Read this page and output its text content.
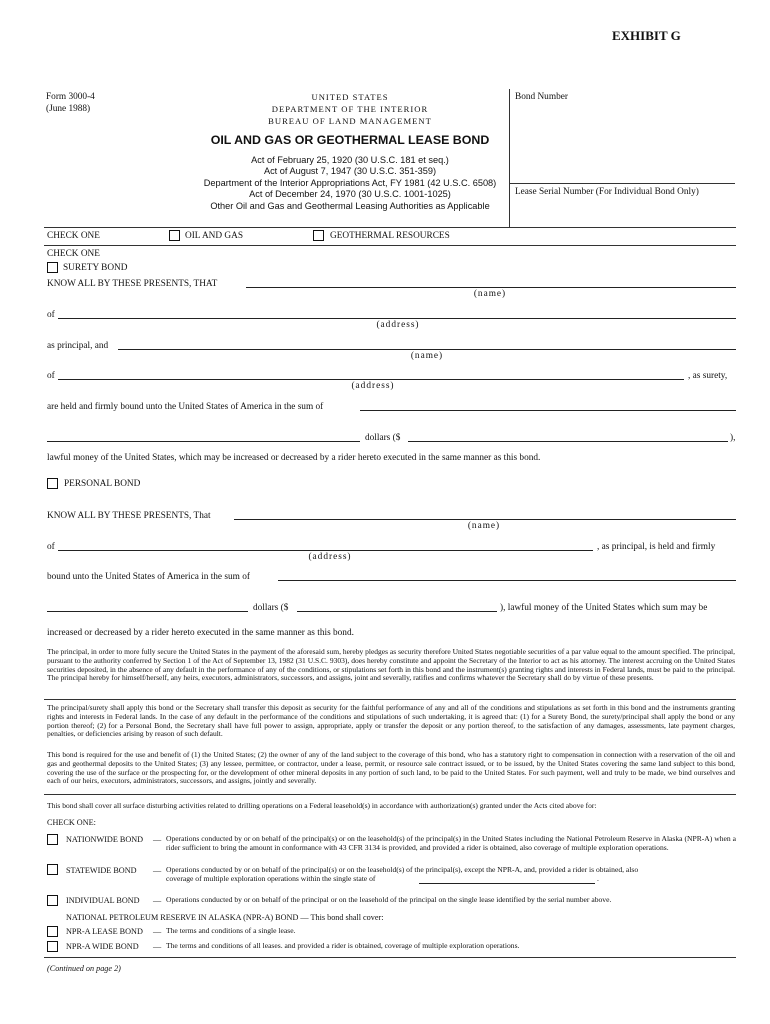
EXHIBIT G
Form 3000-4
(June 1988)
UNITED STATES
DEPARTMENT OF THE INTERIOR
BUREAU OF LAND MANAGEMENT
OIL AND GAS OR GEOTHERMAL LEASE BOND
Act of February 25, 1920 (30 U.S.C. 181 et seq.)
Act of August 7, 1947 (30 U.S.C. 351-359)
Department of the Interior Appropriations Act, FY 1981 (42 U.S.C. 6508)
Act of December 24, 1970 (30 U.S.C. 1001-1025)
Other Oil and Gas and Geothermal Leasing Authorities as Applicable
Bond Number
Lease Serial Number (For Individual Bond Only)
CHECK ONE	OIL AND GAS	GEOTHERMAL RESOURCES
CHECK ONE
SURETY BOND
KNOW ALL BY THESE PRESENTS, THAT
(name)
of
(address)
as principal, and
(name)
of	, as surety,
(address)
are held and firmly bound unto the United States of America in the sum of
dollars ($	),
lawful money of the United States, which may be increased or decreased by a rider hereto executed in the same manner as this bond.
PERSONAL BOND
KNOW ALL BY THESE PRESENTS, That
(name)
of	, as principal, is held and firmly
(address)
bound unto the United States of America in the sum of
dollars ($	), lawful money of the United States which sum may be
increased or decreased by a rider hereto executed in the same manner as this bond.
The principal, in order to more fully secure the United States in the payment of the aforesaid sum, hereby pledges as security therefore United States negotiable securities of a par value equal to the amount specified. The principal, pursuant to the authority conferred by Section 1 of the Act of September 13, 1982 (31 U.S.C. 9303), does hereby constitute and appoint the Secretary of the Interior to act as his attorney. The interest accruing on the United States securities deposited, in the absence of any default in the performance of any of the conditions, or stipulations set forth in this bond and the instrument(s) granting rights and interests in Federal lands, must be paid to the principal. The principal hereby for himself/herself, any heirs, executors, administrators, successors, and assigns, joint and severally, ratifies and confirms whatever the Secretary shall do by virtue of these presents.
The principal/surety shall apply this bond or the Secretary shall transfer this deposit as security for the faithful performance of any and all of the conditions and stipulations as set forth in this bond and the instruments granting rights and interests in Federal lands. In the case of any default in the performance of the conditions and stipulations of such undertaking, it is agreed that: (1) for a Surety Bond, the surety/principal shall apply the bond or any portion thereof; (2) for a Personal Bond, the Secretary shall have full power to assign, appropriate, apply or transfer the deposit or any portion thereof, to the satisfaction of any damages, assessments, late payment charges, penalties, or deficiencies arising by reason of such default.
This bond is required for the use and benefit of (1) the United States; (2) the owner of any of the land subject to the coverage of this bond, who has a statutory right to compensation in connection with a reservation of the oil and gas and geothermal deposits to the United States; (3) any lessee, permittee, or contractor, under a lease, permit, or resource sale contract issued, or to be issued, by the United States covering the same land subject to this bond, covering the use of the surface or the prospecting for, or the development of other mineral deposits in any portion of such land, to be paid to the United States. For such payment, well and truly to be made, we bind ourselves and each of our heirs, executors, administrators, successors, and assigns, jointly and severally.
This bond shall cover all surface disturbing activities related to drilling operations on a Federal leasehold(s) in accordance with authorization(s) granted under the Acts cited above for:
CHECK ONE:
NATIONWIDE BOND — Operations conducted by or on behalf of the principal(s) or on the leasehold(s) of the principal(s) in the United States including the National Petroleum Reserve in Alaska (NPR-A) when a rider sufficient to bring the amount in conformance with 43 CFR 3134 is provided, and provided a rider is obtained, also coverage of multiple exploration operations.
STATEWIDE BOND — Operations conducted by or on behalf of the principal(s) or on the leasehold(s) of the principal(s), except the NPR-A, and, provided a rider is obtained, also
coverage of multiple exploration operations within the single state of	.
INDIVIDUAL BOND — Operations conducted by or on behalf of the principal or on the leasehold of the principal on the single lease identified by the serial number above.
NATIONAL PETROLEUM RESERVE IN ALASKA (NPR-A) BOND — This bond shall cover:
NPR-A LEASE BOND — The terms and conditions of a single lease.
NPR-A WIDE BOND — The terms and conditions of all leases. and provided a rider is obtained, coverage of multiple exploration operations.
(Continued on page 2)
